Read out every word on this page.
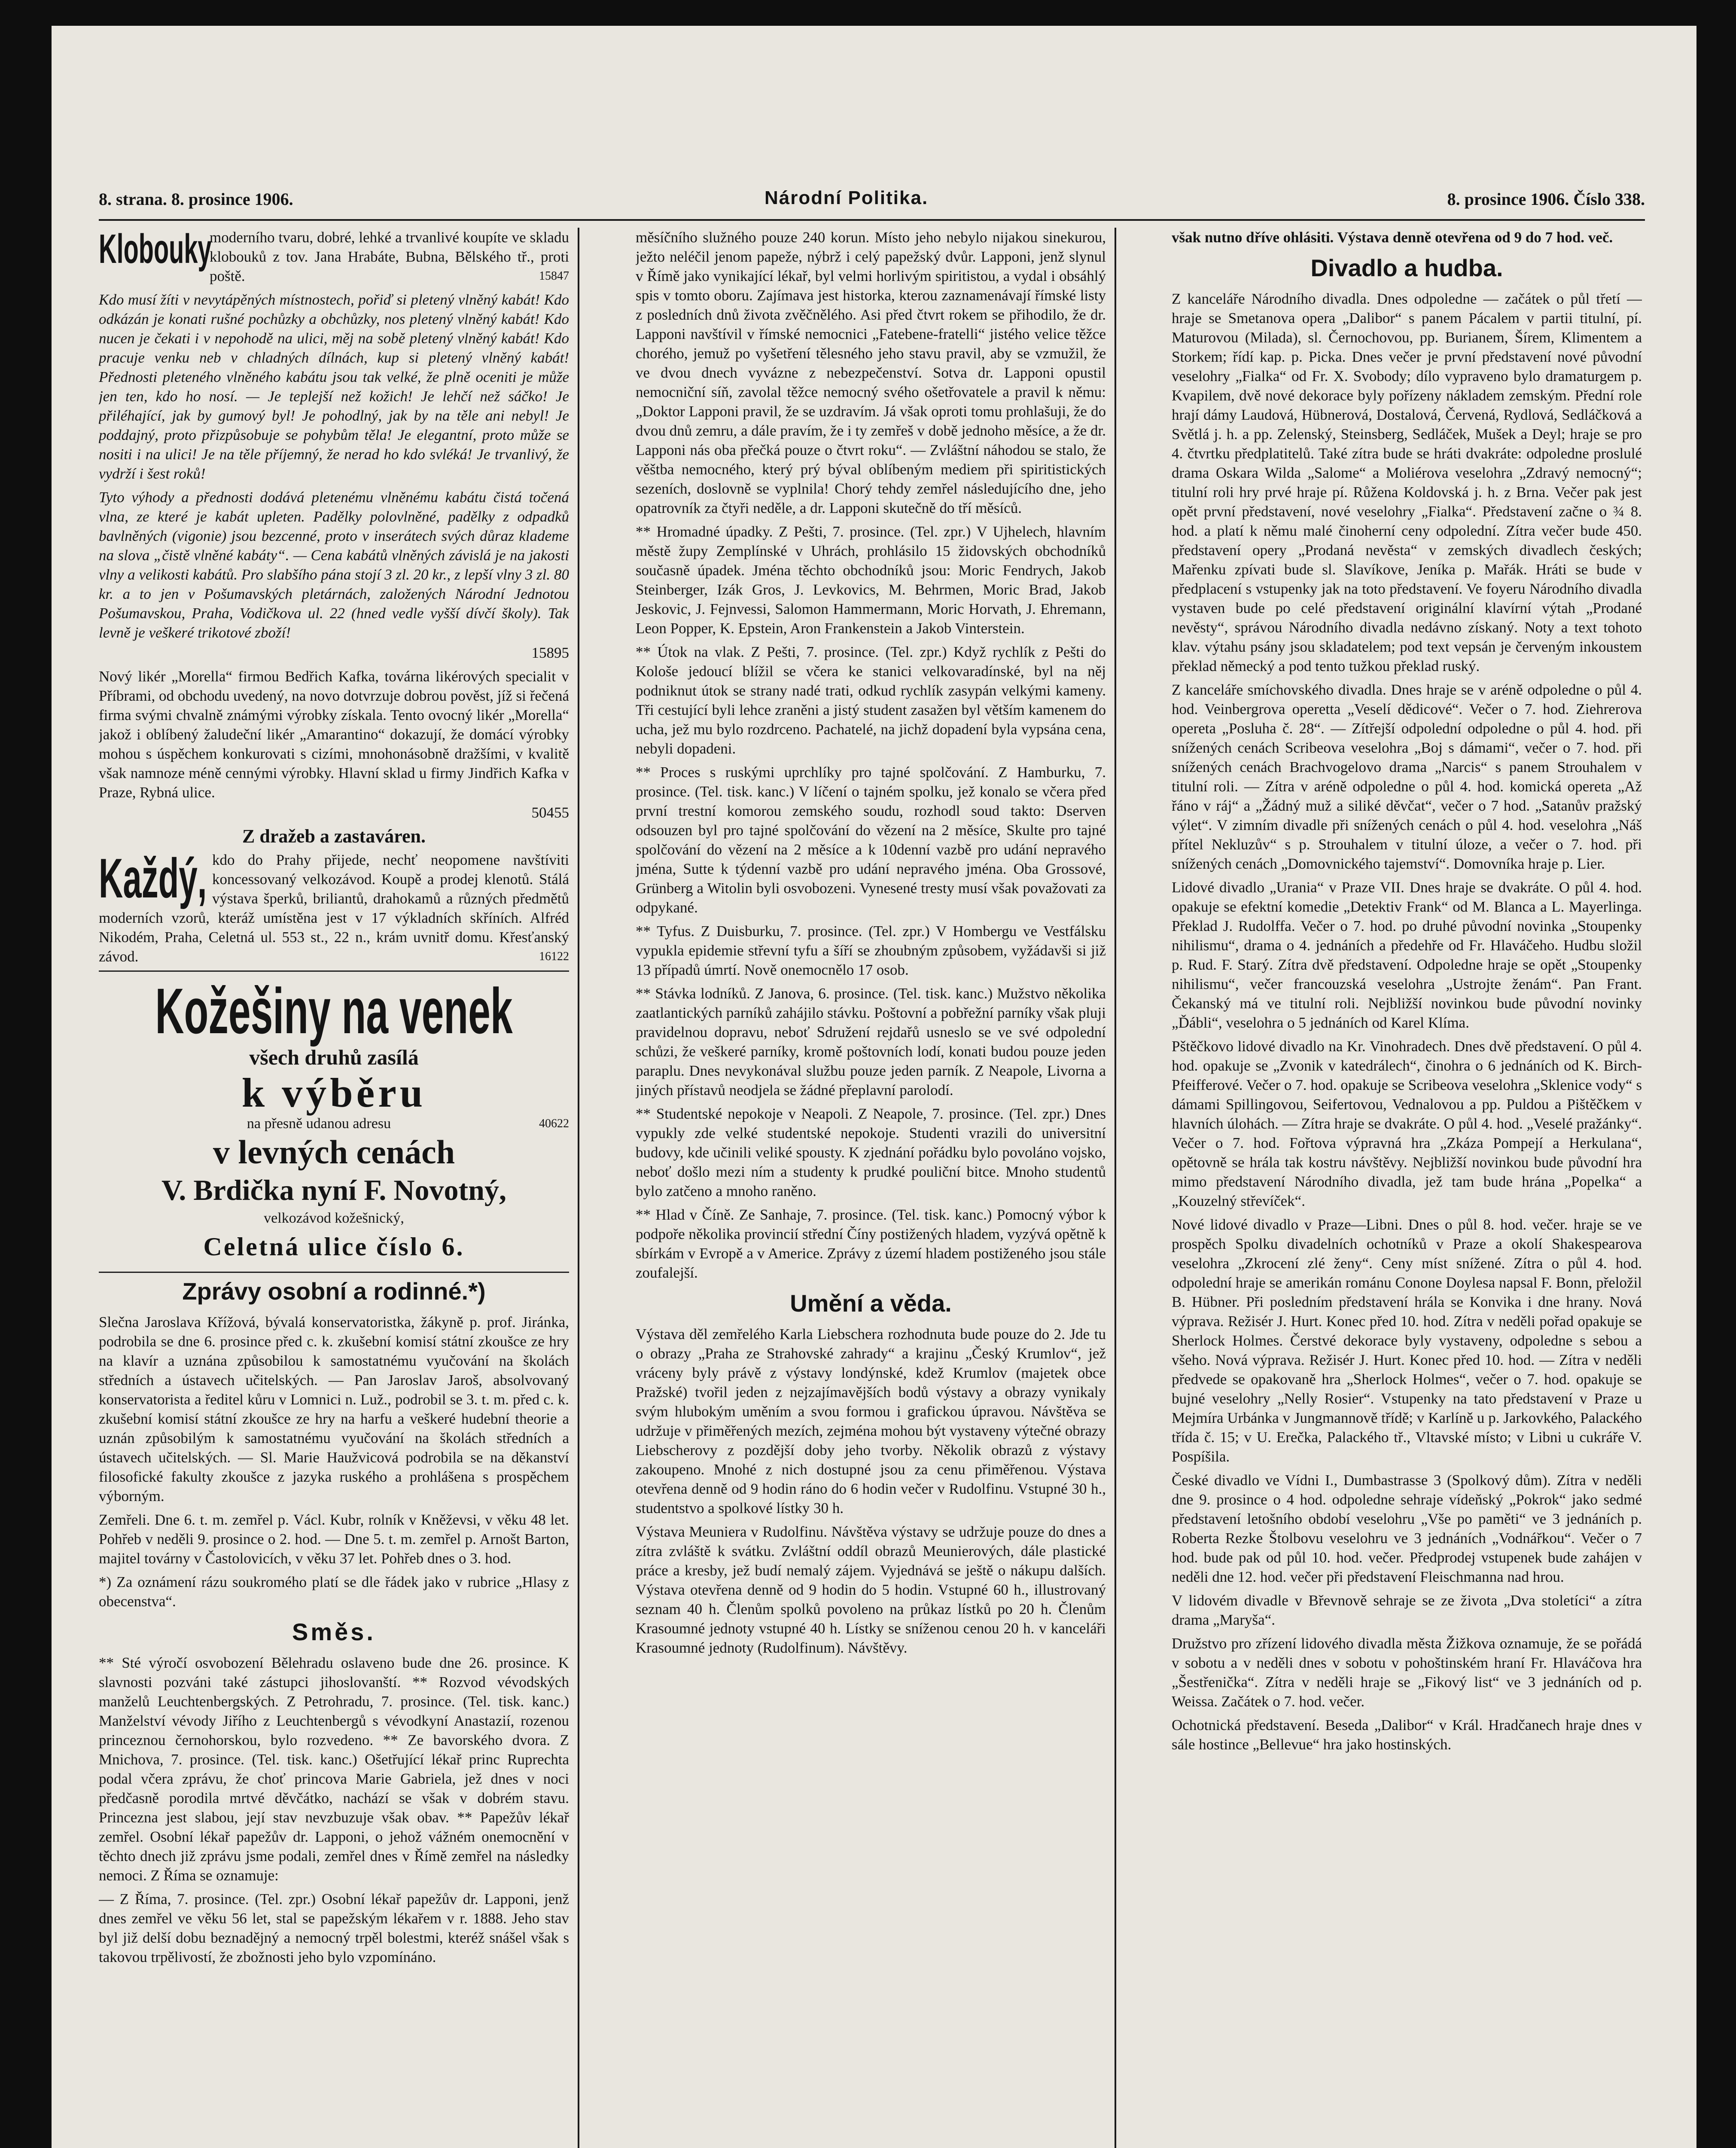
8. strana. 8. prosince 1906.	Národní Politika.	8. prosince 1906. Číslo 338.

Klobouky
moderního tvaru, dobré, lehké a trvanlivé koupíte ve skladu klobouků z tov. Jana Hrabáte, Bubna, Bělského tř., proti poště.	15847

Kdo musí žíti v nevytápěných místnostech, pořiď si pletený vlněný kabát! Kdo odkázán je konati rušné pochůzky a obchůzky, nos pletený vlněný kabát! Kdo nucen je čekati i v nepohodě na ulici, měj na sobě pletený vlněný kabát! Kdo pracuje venku neb v chladných dílnách, kup si pletený vlněný kabát! Přednosti pleteného vlněného kabátu jsou tak velké, že plně oceniti je může jen ten, kdo ho nosí. — Je teplejší než kožich! Je lehčí než sáčko! Je přiléhající, jak by gumový byl! Je pohodlný, jak by na těle ani nebyl! Je poddajný, proto přizpůsobuje se pohybům těla! Je elegantní, proto může se nositi i na ulici! Je na těle příjemný, že nerad ho kdo svléká! Je trvanlivý, že vydrží i šest roků!

Tyto výhody a přednosti dodává pletenému vlněnému kabátu čistá točená vlna, ze které je kabát upleten. Padělky polovlněné, padělky z odpadků bavlněných (vigonie) jsou bezcenné, proto v inserátech svých důraz klademe na slova „čistě vlněné kabáty“. — Cena kabátů vlněných závislá je na jakosti vlny a velikosti kabátů. Pro slabšího pána stojí 3 zl. 20 kr., z lepší vlny 3 zl. 80 kr. a to jen v Pošumavských pletárnách, založených Národní Jednotou Pošumavskou, Praha, Vodičkova ul. 22 (hned vedle vyšší dívčí školy). Tak levně je veškeré trikotové zboží!

15895

Nový likér „Morella“ firmou Bedřich Kafka, továrna likérových specialit v Příbrami, od obchodu uvedený, na novo dotvrzuje dobrou pověst, jíž si řečená firma svými chvalně známými výrobky získala. Tento ovocný likér „Morella“ jakož i oblíbený žaludeční likér „Amarantino“ dokazují, že domácí výrobky mohou s úspěchem konkurovati s cizími, mnohonásobně dražšími, v kvalitě však namnoze méně cennými výrobky. Hlavní sklad u firmy Jindřich Kafka v Praze, Rybná ulice.

50455

Z dražeb a zastaváren.

Každý, kdo do Prahy přijede, nechť neopomene navštíviti koncessovaný velkozávod. Koupě a prodej klenotů. Stálá výstava šperků, briliantů, drahokamů a různých předmětů moderních vzorů, kteráž umístěna jest v 17 výkladních skříních. Alfréd Nikodém, Praha, Celetná ul. 553 st., 22 n., krám uvnitř domu. Křesťanský závod.	16122

Kožešiny na venek
všech druhů zasílá
k výběru
na přesně udanou adresu	40622
v levných cenách
V. Brdička nyní F. Novotný,
velkozávod kožešnický,
Celetná ulice číslo 6.
Zprávy osobní a rodinné.*)

Slečna Jaroslava Křížová, bývalá konservatoristka, žákyně p. prof. Jiránka, podrobila se dne 6. prosince před c. k. zkušební komisí státní zkoušce ze hry na klavír a uznána způsobilou k samostatnému vyučování na školách středních a ústavech učitelských. — Pan Jaroslav Jaroš, absolvovaný konservatorista a ředitel kůru v Lomnici n. Luž., podrobil se 3. t. m. před c. k. zkušební komisí státní zkoušce ze hry na harfu a veškeré hudební theorie a uznán způsobilým k samostatnému vyučování na školách středních a ústavech učitelských. — Sl. Marie Haužvicová podrobila se na děkanství filosofické fakulty zkoušce z jazyka ruského a prohlášena s prospěchem výborným.

Zemřeli. Dne 6. t. m. zemřel p. Václ. Kubr, rolník v Kněževsi, v věku 48 let. Pohřeb v neděli 9. prosince o 2. hod. — Dne 5. t. m. zemřel p. Arnošt Barton, majitel továrny v Častolovicích, v věku 37 let. Pohřeb dnes o 3. hod.

*) Za oznámení rázu soukromého platí se dle řádek jako v rubrice „Hlasy z obecenstva“.

Směs.

** Sté výročí osvobození Bělehradu oslaveno bude dne 26. prosince. K slavnosti pozváni také zástupci jihoslovanští. ** Rozvod vévodských manželů Leuchtenbergských. Z Petrohradu, 7. prosince. (Tel. tisk. kanc.) Manželství vévody Jiřího z Leuchtenbergů s vévodkyní Anastazií, rozenou princeznou černohorskou, bylo rozvedeno. ** Ze bavorského dvora. Z Mnichova, 7. prosince. (Tel. tisk. kanc.) Ošetřující lékař princ Ruprechta podal včera zprávu, že choť princova Marie Gabriela, jež dnes v noci předčasně porodila mrtvé děvčátko, nachází se však v dobrém stavu. Princezna jest slabou, její stav nevzbuzuje však obav. ** Papežův lékař zemřel. Osobní lékař papežův dr. Lapponi, o jehož vážném onemocnění v těchto dnech již zprávu jsme podali, zemřel dnes v Římě zemřel na následky nemoci. Z Říma se oznamuje:

— Z Říma, 7. prosince. (Tel. zpr.) Osobní lékař papežův dr. Lapponi, jenž dnes zemřel ve věku 56 let, stal se papežským lékařem v r. 1888. Jeho stav byl již delší dobu beznadějný a nemocný trpěl bolestmi, kteréž snášel však s takovou trpělivostí, že zbožnosti jeho bylo vzpomínáno.

měsíčního služného pouze 240 korun. Místo jeho nebylo nijakou sinekurou, ježto neléčil jenom papeže, nýbrž i celý papežský dvůr. Lapponi, jenž slynul v Římě jako vynikající lékař, byl velmi horlivým spiritistou, a vydal i obsáhlý spis v tomto oboru. Zajímava jest historka, kterou zaznamenávají římské listy z posledních dnů života zvěčnělého. Asi před čtvrt rokem se přihodilo, že dr. Lapponi navštívil v římské nemocnici „Fatebene-fratelli“ jistého velice těžce chorého, jemuž po vyšetření tělesného jeho stavu pravil, aby se vzmužil, že ve dvou dnech vyvázne z nebezpečenství. Sotva dr. Lapponi opustil nemocniční síň, zavolal těžce nemocný svého ošetřovatele a pravil k němu: „Doktor Lapponi pravil, že se uzdravím. Já však oproti tomu prohlašuji, že do dvou dnů zemru, a dále pravím, že i ty zemřeš v době jednoho měsíce, a že dr. Lapponi nás oba přečká pouze o čtvrt roku“. — Zvláštní náhodou se stalo, že věštba nemocného, který prý býval oblíbeným mediem při spiritistických sezeních, doslovně se vyplnila! Chorý tehdy zemřel následujícího dne, jeho opatrovník za čtyři neděle, a dr. Lapponi skutečně do tří měsíců.

** Hromadné úpadky. Z Pešti, 7. prosince. (Tel. zpr.) V Ujhelech, hlavním městě župy Zemplínské v Uhrách, prohlásilo 15 židovských obchodníků současně úpadek. Jména těchto obchodníků jsou: Moric Fendrych, Jakob Steinberger, Izák Gros, J. Levkovics, M. Behrmen, Moric Brad, Jakob Jeskovic, J. Fejnvessi, Salomon Hammermann, Moric Horvath, J. Ehremann, Leon Popper, K. Epstein, Aron Frankenstein a Jakob Vinterstein.

** Útok na vlak. Z Pešti, 7. prosince. (Tel. zpr.) Když rychlík z Pešti do Kološe jedoucí blížil se včera ke stanici velkovaradínské, byl na něj podniknut útok se strany nadé trati, odkud rychlík zasypán velkými kameny. Tři cestující byli lehce zraněni a jistý student zasažen byl větším kamenem do ucha, jež mu bylo rozdrceno. Pachatelé, na jichž dopadení byla vypsána cena, nebyli dopadeni.

** Proces s ruskými uprchlíky pro tajné spolčování. Z Hamburku, 7. prosince. (Tel. tisk. kanc.) V líčení o tajném spolku, jež konalo se včera před první trestní komorou zemského soudu, rozhodl soud takto: Dserven odsouzen byl pro tajné spolčování do vězení na 2 měsíce, Skulte pro tajné spolčování do vězení na 2 měsíce a k 10denní vazbě pro udání nepravého jména, Sutte k týdenní vazbě pro udání nepravého jména. Oba Grossové, Grünberg a Witolin byli osvobozeni. Vynesené tresty musí však považovati za odpykané.

** Tyfus. Z Duisburku, 7. prosince. (Tel. zpr.) V Hombergu ve Vestfálsku vypukla epidemie střevní tyfu a šíří se zhoubným způsobem, vyžádavši si již 13 případů úmrtí. Nově onemocnělo 17 osob.

** Stávka lodníků. Z Janova, 6. prosince. (Tel. tisk. kanc.) Mužstvo několika zaatlantických parníků zahájilo stávku. Poštovní a pobřežní parníky však pluji pravidelnou dopravu, neboť Sdružení rejdařů usneslo se ve své odpolední schůzi, že veškeré parníky, kromě poštovních lodí, konati budou pouze jeden paraplu. Dnes nevykonával službu pouze jeden parník. Z Neapole, Livorna a jiných přístavů neodjela se žádné přeplavní parolodí.

** Studentské nepokoje v Neapoli. Z Neapole, 7. prosince. (Tel. zpr.) Dnes vypukly zde velké studentské nepokoje. Studenti vrazili do universitní budovy, kde učinili veliké spousty. K zjednání pořádku bylo povoláno vojsko, neboť došlo mezi ním a studenty k prudké pouliční bitce. Mnoho studentů bylo zatčeno a mnoho raněno.

** Hlad v Číně. Ze Sanhaje, 7. prosince. (Tel. tisk. kanc.) Pomocný výbor k podpoře několika provincií střední Číny postižených hladem, vyzývá opětně k sbírkám v Evropě a v Americe. Zprávy z území hladem postiženého jsou stále zoufalejší.

Umění a věda.

Výstava děl zemřelého Karla Liebschera rozhodnuta bude pouze do 2. Jde tu o obrazy „Praha ze Strahovské zahrady“ a krajinu „Český Krumlov“, jež vráceny byly právě z výstavy londýnské, kdež Krumlov (majetek obce Pražské) tvořil jeden z nejzajímavějších bodů výstavy a obrazy vynikaly svým hlubokým uměním a svou formou i grafickou úpravou. Návštěva se udržuje v přiměřených mezích, zejména mohou být vystaveny výtečné obrazy Liebscherovy z pozdější doby jeho tvorby. Několik obrazů z výstavy zakoupeno. Mnohé z nich dostupné jsou za cenu přiměřenou. Výstava otevřena denně od 9 hodin ráno do 6 hodin večer v Rudolfinu. Vstupné 30 h., studentstvo a spolkové lístky 30 h.

Výstava Meuniera v Rudolfinu. Návštěva výstavy se udržuje pouze do dnes a zítra zvláště k svátku. Zvláštní oddíl obrazů Meunierových, dále plastické práce a kresby, jež budí nemalý zájem. Vyjednává se ještě o nákupu dalších. Výstava otevřena denně od 9 hodin do 5 hodin. Vstupné 60 h., illustrovaný seznam 40 h. Členům spolků povoleno na průkaz lístků po 20 h. Členům Krasoumné jednoty vstupné 40 h. Lístky se sníženou cenou 20 h. v kanceláři Krasoumné jednoty (Rudolfinum). Návštěvy.

však nutno dříve ohlásiti. Výstava denně otevřena od 9 do 7 hod. več.

Divadlo a hudba.

Z kanceláře Národního divadla. Dnes odpoledne — začátek o půl třetí — hraje se Smetanova opera „Dalibor“ s panem Pácalem v partii titulní, pí. Maturovou (Milada), sl. Černochovou, pp. Burianem, Šírem, Klimentem a Storkem; řídí kap. p. Picka. Dnes večer je první představení nové původní veselohry „Fialka“ od Fr. X. Svobody; dílo vypraveno bylo dramaturgem p. Kvapilem, dvě nové dekorace byly pořízeny nákladem zemským. Přední role hrají dámy Laudová, Hübnerová, Dostalová, Červená, Rydlová, Sedláčková a Světlá j. h. a pp. Zelenský, Steinsberg, Sedláček, Mušek a Deyl; hraje se pro 4. čtvrtku předplatitelů. Také zítra bude se hráti dvakráte: odpoledne proslulé drama Oskara Wilda „Salome“ a Moliérova veselohra „Zdravý nemocný“; titulní roli hry prvé hraje pí. Růžena Koldovská j. h. z Brna. Večer pak jest opět první představení, nové veselohry „Fialka“. Představení začne o ¾ 8. hod. a platí k němu malé činoherní ceny odpolední. Zítra večer bude 450. představení opery „Prodaná nevěsta“ v zemských divadlech českých; Mařenku zpívati bude sl. Slavíkove, Jeníka p. Mařák. Hráti se bude v předplacení s vstupenky jak na toto představení. Ve foyeru Národního divadla vystaven bude po celé představení originální klavírní výtah „Prodané nevěsty“, správou Národního divadla nedávno získaný. Noty a text tohoto klav. výtahu psány jsou skladatelem; pod text vepsán je červeným inkoustem překlad německý a pod tento tužkou překlad ruský.

Z kanceláře smíchovského divadla. Dnes hraje se v aréně odpoledne o půl 4. hod. Veinbergrova operetta „Veselí dědicové“. Večer o 7. hod. Ziehrerova opereta „Posluha č. 28“. — Zítřejší odpolední odpoledne o půl 4. hod. při snížených cenách Scribeova veselohra „Boj s dámami“, večer o 7. hod. při snížených cenách Brachvogelovo drama „Narcis“ s panem Strouhalem v titulní roli. — Zítra v aréně odpoledne o půl 4. hod. komická opereta „Až řáno v ráj“ a „Žádný muž a siliké děvčat“, večer o 7 hod. „Satanův pražský výlet“. V zimním divadle při snížených cenách o půl 4. hod. veselohra „Náš přítel Nekluzův“ s p. Strouhalem v titulní úloze, a večer o 7. hod. při snížených cenách „Domovnického tajemství“. Domovníka hraje p. Lier.

Lidové divadlo „Urania“ v Praze VII. Dnes hraje se dvakráte. O půl 4. hod. opakuje se efektní komedie „Detektiv Frank“ od M. Blanca a L. Mayerlinga. Překlad J. Rudolffa. Večer o 7. hod. po druhé původní novinka „Stoupenky nihilismu“, drama o 4. jednáních a předehře od Fr. Hlaváčeho. Hudbu složil p. Rud. F. Starý. Zítra dvě představení. Odpoledne hraje se opět „Stoupenky nihilismu“, večer francouzská veselohra „Ustrojte ženám“. Pan Frant. Čekanský má ve titulní roli. Nejbližší novinkou bude původní novinky „Ďábli“, veselohra o 5 jednáních od Karel Klíma.

Pštěčkovo lidové divadlo na Kr. Vinohradech. Dnes dvě představení. O půl 4. hod. opakuje se „Zvonik v katedrálech“, činohra o 6 jednáních od K. Birch-Pfeifferové. Večer o 7. hod. opakuje se Scribeova veselohra „Sklenice vody“ s dámami Spillingovou, Seifertovou, Vednalovou a pp. Puldou a Pištěčkem v hlavních úlohách. — Zítra hraje se dvakráte. O půl 4. hod. „Veselé pražánky“. Večer o 7. hod. Fořtova výpravná hra „Zkáza Pompejí a Herkulana“, opětovně se hrála tak kostru návštěvy. Nejbližší novinkou bude původní hra mimo představení Národního divadla, jež tam bude hrána „Popelka“ a „Kouzelný střevíček“.

Nové lidové divadlo v Praze—Libni. Dnes o půl 8. hod. večer. hraje se ve prospěch Spolku divadelních ochotníků v Praze a okolí Shakespearova veselohra „Zkrocení zlé ženy“. Ceny míst snížené. Zítra o půl 4. hod. odpolední hraje se amerikán románu Conone Doylesa napsal F. Bonn, přeložil B. Hübner. Při posledním představení hrála se Konvika i dne hrany. Nová výprava. Režisér J. Hurt. Konec před 10. hod. Zítra v neděli pořad opakuje se Sherlock Holmes. Čerstvé dekorace byly vystaveny, odpoledne s sebou a všeho. Nová výprava. Režisér J. Hurt. Konec před 10. hod. — Zítra v neděli předvede se opakovaně hra „Sherlock Holmes“, večer o 7. hod. opakuje se bujné veselohry „Nelly Rosier“. Vstupenky na tato představení v Praze u Mejmíra Urbánka v Jungmannově třídě; v Karlíně u p. Jarkovkého, Palackého třída č. 15; v U. Erečka, Palackého tř., Vltavské místo; v Libni u cukráře V. Pospíšila.

České divadlo ve Vídni I., Dumbastrasse 3 (Spolkový dům). Zítra v neděli dne 9. prosince o 4 hod. odpoledne sehraje vídeňský „Pokrok“ jako sedmé představení letošního období veselohru „Vše po paměti“ ve 3 jednáních p. Roberta Rezke Štolbovu veselohru ve 3 jednáních „Vodnářkou“. Večer o 7 hod. bude pak od půl 10. hod. večer. Předprodej vstupenek bude zahájen v neděli dne 12. hod. večer při představení Fleischmanna nad hrou.

V lidovém divadle v Břevnově sehraje se ze života „Dva stoletíci“ a zítra drama „Maryša“.

Družstvo pro zřízení lidového divadla města Žižkova oznamuje, že se pořádá v sobotu a v neděli dnes v sobotu v pohoštinském hraní Fr. Hlaváčova hra „Šestřenička“. Zítra v neděli hraje se „Fikový list“ ve 3 jednáních od p. Weissa. Začátek o 7. hod. večer.

Ochotnická představení. Beseda „Dalibor“ v Král. Hradčanech hraje dnes v sále hostince „Bellevue“ hra jako hostinských.
